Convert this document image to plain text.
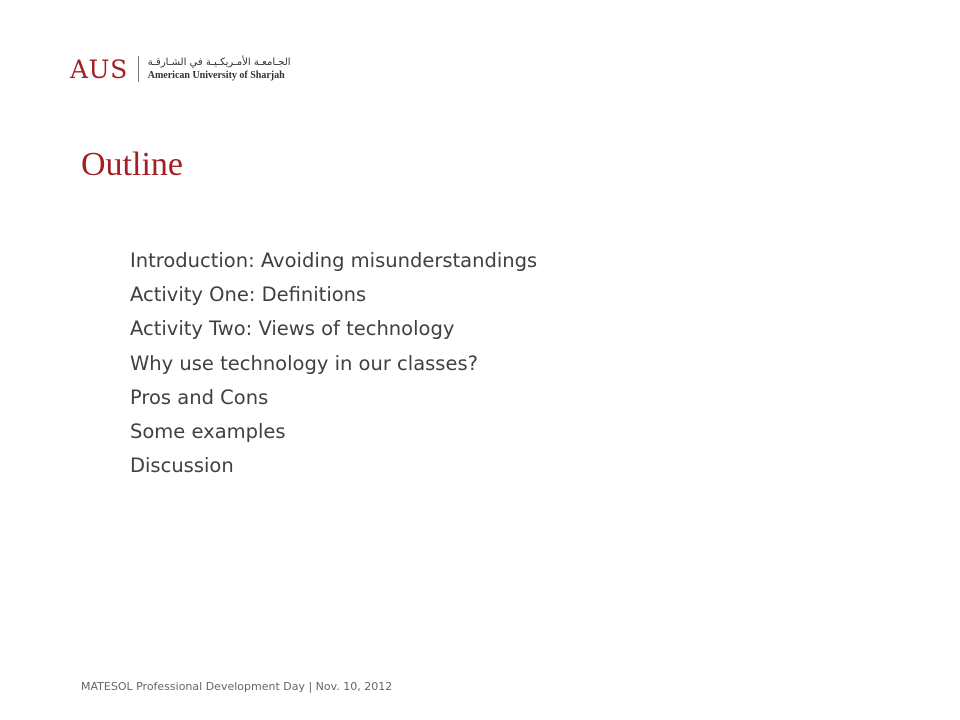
AUS الجـامعـة الأمـريكـيـة في الشـارقـة
American University of Sharjah
Outline
Introduction: Avoiding misunderstandings
Activity One: Definitions
Activity Two: Views of technology
Why use technology in our classes?
Pros and Cons
Some examples
Discussion
MATESOL Professional Development Day | Nov. 10, 2012
